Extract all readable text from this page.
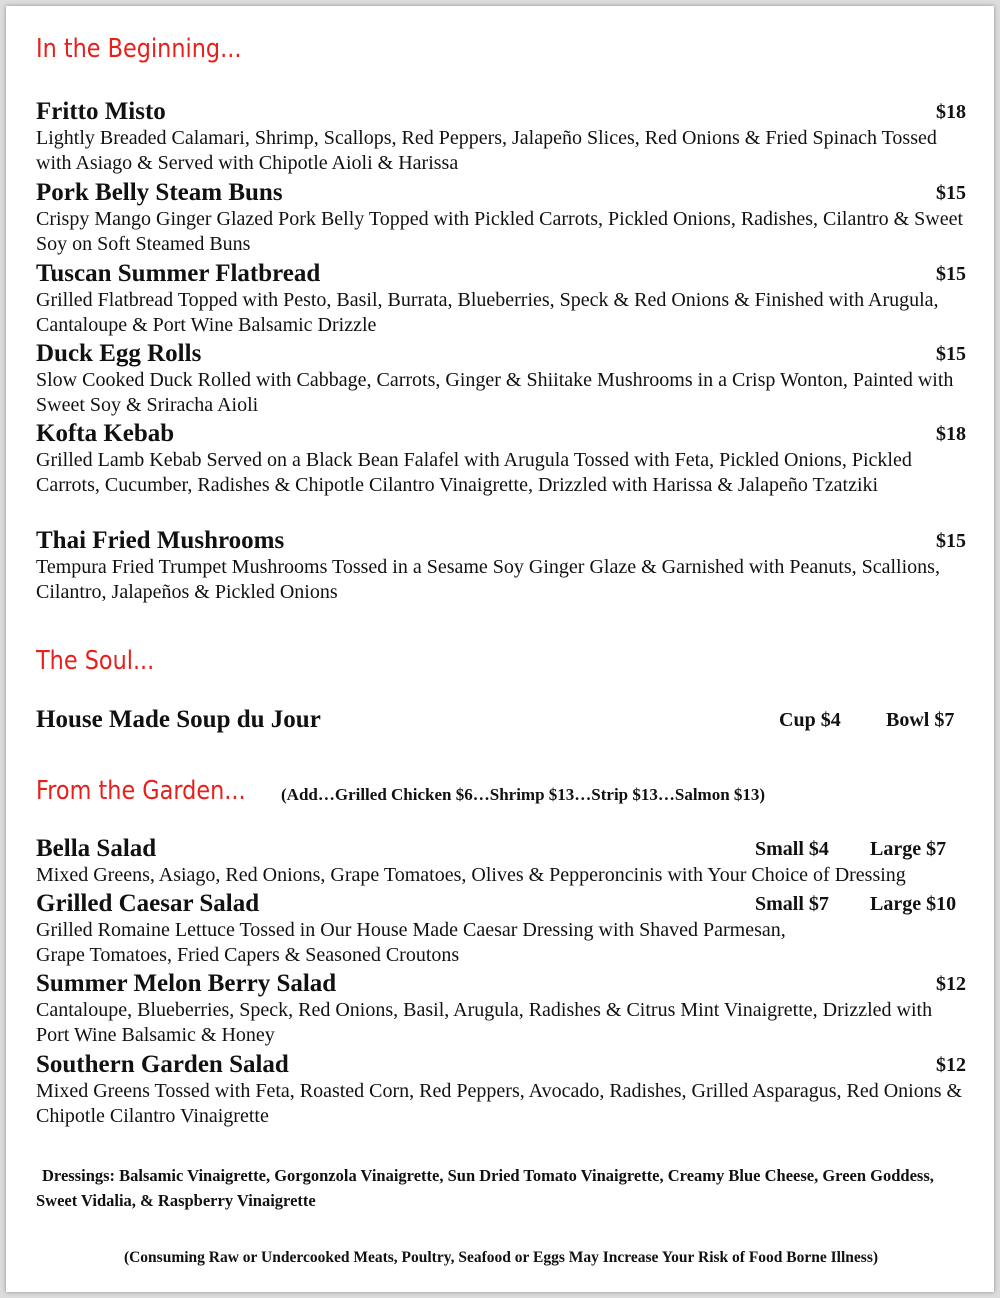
In the Beginning...
Fritto Misto	$18
Lightly Breaded Calamari, Shrimp, Scallops, Red Peppers, Jalapeño Slices, Red Onions & Fried Spinach Tossed with Asiago & Served with Chipotle Aioli & Harissa
Pork Belly Steam Buns	$15
Crispy Mango Ginger Glazed Pork Belly Topped with Pickled Carrots, Pickled Onions, Radishes, Cilantro & Sweet Soy on Soft Steamed Buns
Tuscan Summer Flatbread	$15
Grilled Flatbread Topped with Pesto, Basil, Burrata, Blueberries, Speck & Red Onions & Finished with Arugula, Cantaloupe & Port Wine Balsamic Drizzle
Duck Egg Rolls	$15
Slow Cooked Duck Rolled with Cabbage, Carrots, Ginger & Shiitake Mushrooms in a Crisp Wonton, Painted with Sweet Soy & Sriracha Aioli
Kofta Kebab	$18
Grilled Lamb Kebab Served on a Black Bean Falafel with Arugula Tossed with Feta, Pickled Onions, Pickled Carrots, Cucumber, Radishes & Chipotle Cilantro Vinaigrette, Drizzled with Harissa & Jalapeño Tzatziki
Thai Fried Mushrooms	$15
Tempura Fried Trumpet Mushrooms Tossed in a Sesame Soy Ginger Glaze & Garnished with Peanuts, Scallions, Cilantro, Jalapeños & Pickled Onions
The Soul...
House Made Soup du Jour	Cup $4 Bowl $7
From the Garden... (Add…Grilled Chicken $6…Shrimp $13…Strip $13…Salmon $13)
Bella Salad	Small $4 Large $7
Mixed Greens, Asiago, Red Onions, Grape Tomatoes, Olives & Pepperoncinis with Your Choice of Dressing
Grilled Caesar Salad	Small $7 Large $10
Grilled Romaine Lettuce Tossed in Our House Made Caesar Dressing with Shaved Parmesan, Grape Tomatoes, Fried Capers & Seasoned Croutons
Summer Melon Berry Salad	$12
Cantaloupe, Blueberries, Speck, Red Onions, Basil, Arugula, Radishes & Citrus Mint Vinaigrette, Drizzled with Port Wine Balsamic & Honey
Southern Garden Salad	$12
Mixed Greens Tossed with Feta, Roasted Corn, Red Peppers, Avocado, Radishes, Grilled Asparagus, Red Onions & Chipotle Cilantro Vinaigrette
Dressings: Balsamic Vinaigrette, Gorgonzola Vinaigrette, Sun Dried Tomato Vinaigrette, Creamy Blue Cheese, Green Goddess, Sweet Vidalia, & Raspberry Vinaigrette
(Consuming Raw or Undercooked Meats, Poultry, Seafood or Eggs May Increase Your Risk of Food Borne Illness)
